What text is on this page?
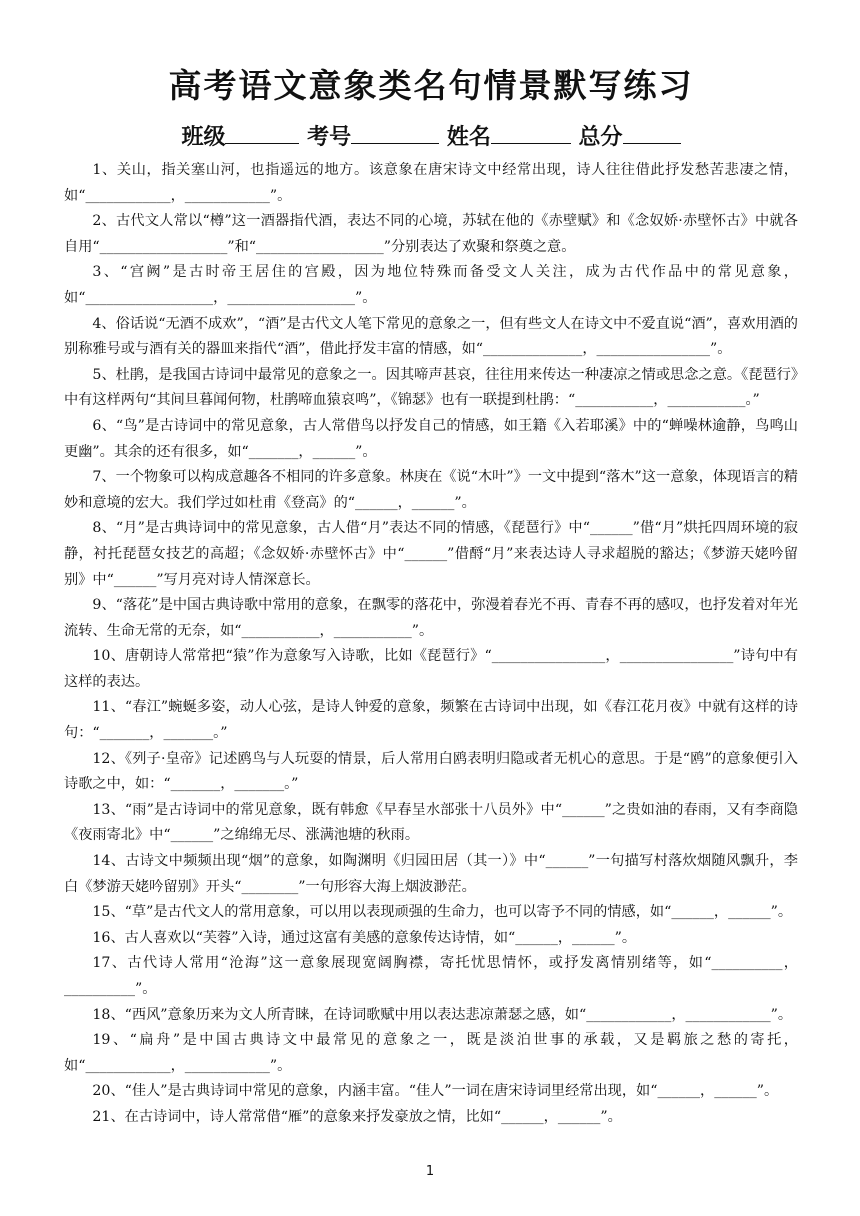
高考语文意象类名句情景默写练习
班级	考号	姓名	总分

1、关山，指关塞山河，也指遥远的地方。该意象在唐宋诗文中经常出现，诗人往往借此抒发愁苦悲凄之情，如“____________，____________”。

2、古代文人常以“樽”这一酒器指代酒，表达不同的心境，苏轼在他的《赤壁赋》和《念奴娇·赤壁怀古》中就各自用“__________________”和“__________________”分别表达了欢聚和祭奠之意。

3、“宫阙”是古时帝王居住的宫殿，因为地位特殊而备受文人关注，成为古代作品中的常见意象，如“__________________，__________________”。

4、俗话说“无酒不成欢”，“酒”是古代文人笔下常见的意象之一，但有些文人在诗文中不爱直说“酒”，喜欢用酒的别称雅号或与酒有关的器皿来指代“酒”，借此抒发丰富的情感，如“______________，________________”。

5、杜鹃，是我国古诗词中最常见的意象之一。因其啼声甚哀，往往用来传达一种凄凉之情或思念之意。《琵琶行》中有这样两句“其间旦暮闻何物，杜鹃啼血猿哀鸣”，《锦瑟》也有一联提到杜鹃：“___________，___________。”

6、“鸟”是古诗词中的常见意象，古人常借鸟以抒发自己的情感，如王籍《入若耶溪》中的“蝉噪林逾静，鸟鸣山更幽”。其余的还有很多，如“_______，______”。

7、一个物象可以构成意趣各不相同的许多意象。林庚在《说“木叶”》一文中提到“落木”这一意象，体现语言的精妙和意境的宏大。我们学过如杜甫《登高》的“______，______”。

8、“月”是古典诗词中的常见意象，古人借“月”表达不同的情感，《琵琶行》中“______”借“月”烘托四周环境的寂静，衬托琵琶女技艺的高超；《念奴娇·赤壁怀古》中“______”借酹“月”来表达诗人寻求超脱的豁达；《梦游天姥吟留别》中“______”写月亮对诗人情深意长。

9、“落花”是中国古典诗歌中常用的意象，在飘零的落花中，弥漫着春光不再、青春不再的感叹，也抒发着对年光流转、生命无常的无奈，如“___________，___________”。

10、唐朝诗人常常把“猿”作为意象写入诗歌，比如《琵琶行》“________________，________________”诗句中有这样的表达。

11、“春江”蜿蜒多姿，动人心弦，是诗人钟爱的意象，频繁在古诗词中出现，如《春江花月夜》中就有这样的诗句：“_______，_______。”

12、《列子·皇帝》记述鸥鸟与人玩耍的情景，后人常用白鸥表明归隐或者无机心的意思。于是“鸥”的意象便引入诗歌之中，如：“_______，_______。”

13、“雨”是古诗词中的常见意象，既有韩愈《早春呈水部张十八员外》中“______”之贵如油的春雨，又有李商隐《夜雨寄北》中“______”之绵绵无尽、涨满池塘的秋雨。

14、古诗文中频频出现“烟”的意象，如陶渊明《归园田居（其一）》中“______”一句描写村落炊烟随风飘升，李白《梦游天姥吟留别》开头“________”一句形容大海上烟波渺茫。

15、“草”是古代文人的常用意象，可以用以表现顽强的生命力，也可以寄予不同的情感，如“______，______”。

16、古人喜欢以“芙蓉”入诗，通过这富有美感的意象传达诗情，如“______，______”。

17、古代诗人常用“沧海”这一意象展现宽阔胸襟，寄托忧思情怀，或抒发离情别绪等，如“__________，__________”。

18、“西风”意象历来为文人所青睐，在诗词歌赋中用以表达悲凉萧瑟之感，如“____________，____________”。

19、“扁舟”是中国古典诗文中最常见的意象之一，既是淡泊世事的承载，又是羁旅之愁的寄托，如“____________，____________”。

20、“佳人”是古典诗词中常见的意象，内涵丰富。“佳人”一词在唐宋诗词里经常出现，如“______，______”。

21、在古诗词中，诗人常常借“雁”的意象来抒发豪放之情，比如“______，______”。

1
